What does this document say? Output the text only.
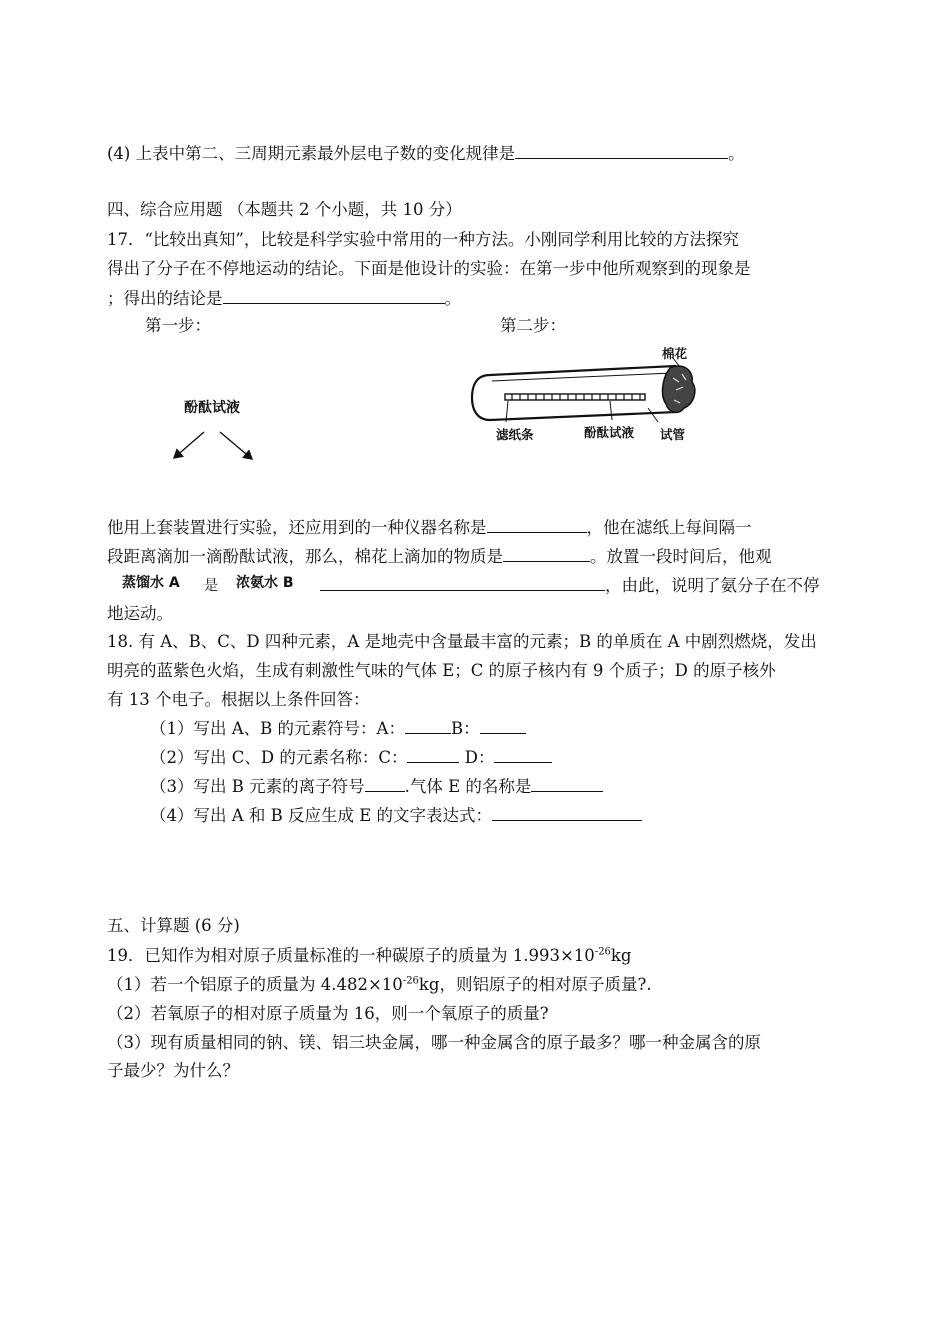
(4) 上表中第二、三周期元素最外层电子数的变化规律是	。
四、综合应用题 （本题共 2 个小题，共 10 分）
17．“比较出真知”，比较是科学实验中常用的一种方法。小刚同学利用比较的方法探究
得出了分子在不停地运动的结论。下面是他设计的实验：在第一步中他所观察到的现象是
；得出的结论是	。
第一步：	第二步：
酚酞试液
棉花
滤纸条	酚酞试液 试管
他用上套装置进行实验，还应用到的一种仪器名称是	，他在滤纸上每间隔一
段距离滴加一滴酚酞试液，那么，棉花上滴加的物质是	。放置一段时间后，他观
蒸馏水 A 是 浓氨水 B	，由此，说明了氨分子在不停
地运动。
18. 有 A、B、C、D 四种元素，A 是地壳中含量最丰富的元素；B 的单质在 A 中剧烈燃烧，发出
明亮的蓝紫色火焰，生成有刺激性气味的气体 E；C 的原子核内有 9 个质子；D 的原子核外
有 13 个电子。根据以上条件回答：
（1）写出 A、B 的元素符号：A：	B：
（2）写出 C、D 的元素名称：C：	D：
（3）写出 B 元素的离子符号 .气体 E 的名称是
（4）写出 A 和 B 反应生成 E 的文字表达式：
五、计算题 (6 分)
19．已知作为相对原子质量标准的一种碳原子的质量为 $1.993\times 10^{-26}kg$
（1）若一个铝原子的质量为 $4.482\times 10^{-26}kg$，则铝原子的相对原子质量?.
（2）若氧原子的相对原子质量为 16，则一个氧原子的质量?
（3）现有质量相同的钠、镁、铝三块金属，哪一种金属含的原子最多？哪一种金属含的原
子最少？为什么？
